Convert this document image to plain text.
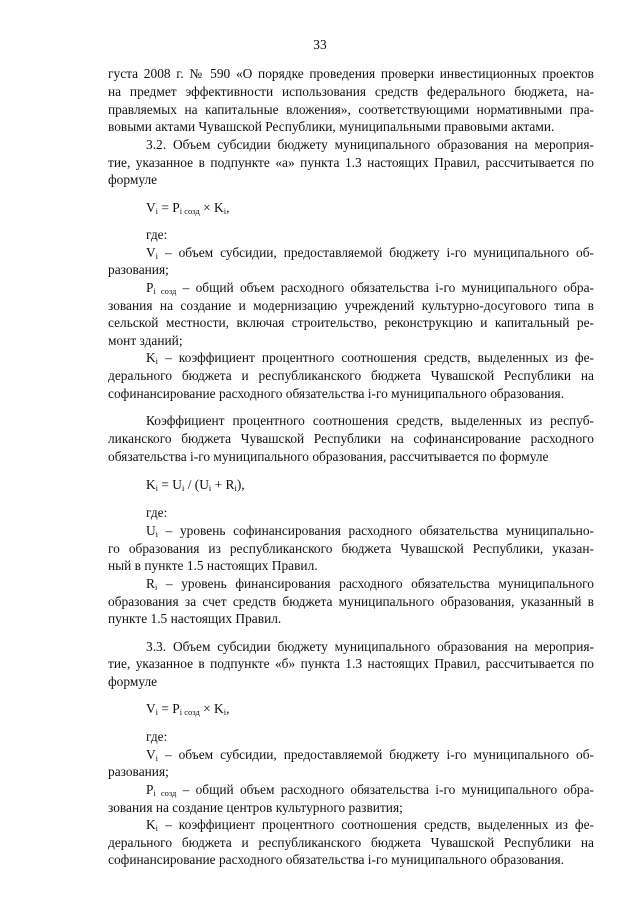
33
густа 2008 г. № 590 «О порядке проведения проверки инвестиционных проектов
на предмет эффективности использования средств федерального бюджета, на-
правляемых на капитальные вложения», соответствующими нормативными пра-
вовыми актами Чувашской Республики, муниципальными правовыми актами.
3.2. Объем субсидии бюджету муниципального образования на мероприя-
тие, указанное в подпункте «а» пункта 1.3 настоящих Правил, рассчитывается по
формуле
$V_i = P_{i созд} \times K_i$,
где:
$V_i$ – объем субсидии, предоставляемой бюджету i-го муниципального об-
разования;
$P_{i созд}$ – общий объем расходного обязательства i-го муниципального обра-
зования на создание и модернизацию учреждений культурно-досугового типа в
сельской местности, включая строительство, реконструкцию и капитальный ре-
монт зданий;
$K_i$ – коэффициент процентного соотношения средств, выделенных из фе-
дерального бюджета и республиканского бюджета Чувашской Республики на
софинансирование расходного обязательства i-го муниципального образования.
Коэффициент процентного соотношения средств, выделенных из респуб-
ликанского бюджета Чувашской Республики на софинансирование расходного
обязательства i-го муниципального образования, рассчитывается по формуле
$K_i = U_i / (U_i + R_i)$,
где:
$U_i$ – уровень софинансирования расходного обязательства муниципально-
го образования из республиканского бюджета Чувашской Республики, указан-
ный в пункте 1.5 настоящих Правил.
$R_i$ – уровень финансирования расходного обязательства муниципального
образования за счет средств бюджета муниципального образования, указанный в
пункте 1.5 настоящих Правил.
3.3. Объем субсидии бюджету муниципального образования на мероприя-
тие, указанное в подпункте «б» пункта 1.3 настоящих Правил, рассчитывается по
формуле
$V_i = P_{i созд} \times K_i$,
где:
$V_i$ – объем субсидии, предоставляемой бюджету i-го муниципального об-
разования;
$P_{i созд}$ – общий объем расходного обязательства i-го муниципального обра-
зования на создание центров культурного развития;
$K_i$ – коэффициент процентного соотношения средств, выделенных из фе-
дерального бюджета и республиканского бюджета Чувашской Республики на
софинансирование расходного обязательства i-го муниципального образования.
